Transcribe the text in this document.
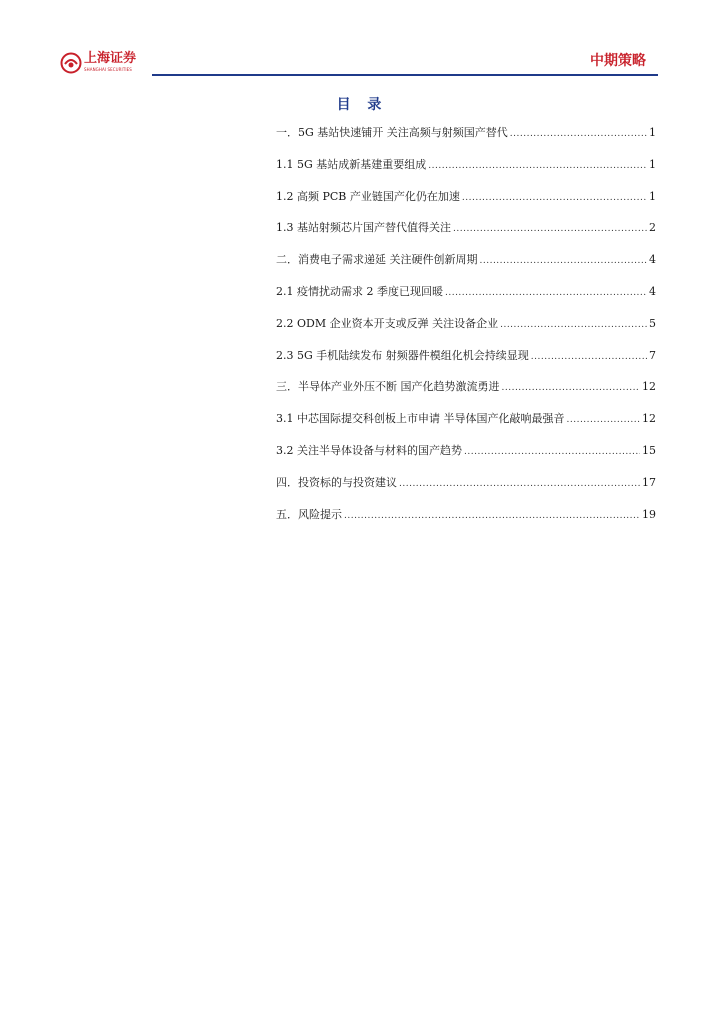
上海证券
SHANGHAI SECURITIES
中期策略
目 录
一．5G 基站快速铺开 关注高频与射频国产替代 .....	1
1.1 5G 基站成新基建重要组成 .....	1
1.2 高频 PCB 产业链国产化仍在加速 .....	1
1.3 基站射频芯片国产替代值得关注 .....	2
二．消费电子需求递延 关注硬件创新周期 .....	4
2.1 疫情扰动需求 2 季度已现回暖 .....	4
2.2 ODM 企业资本开支或反弹 关注设备企业 .....	5
2.3 5G 手机陆续发布 射频器件模组化机会持续显现 .....	7
三．半导体产业外压不断 国产化趋势激流勇进 .....	12
3.1 中芯国际提交科创板上市申请 半导体国产化敲响最强音 .....	12
3.2 关注半导体设备与材料的国产趋势 .....	15
四．投资标的与投资建议 .....	17
五．风险提示 .....	19
